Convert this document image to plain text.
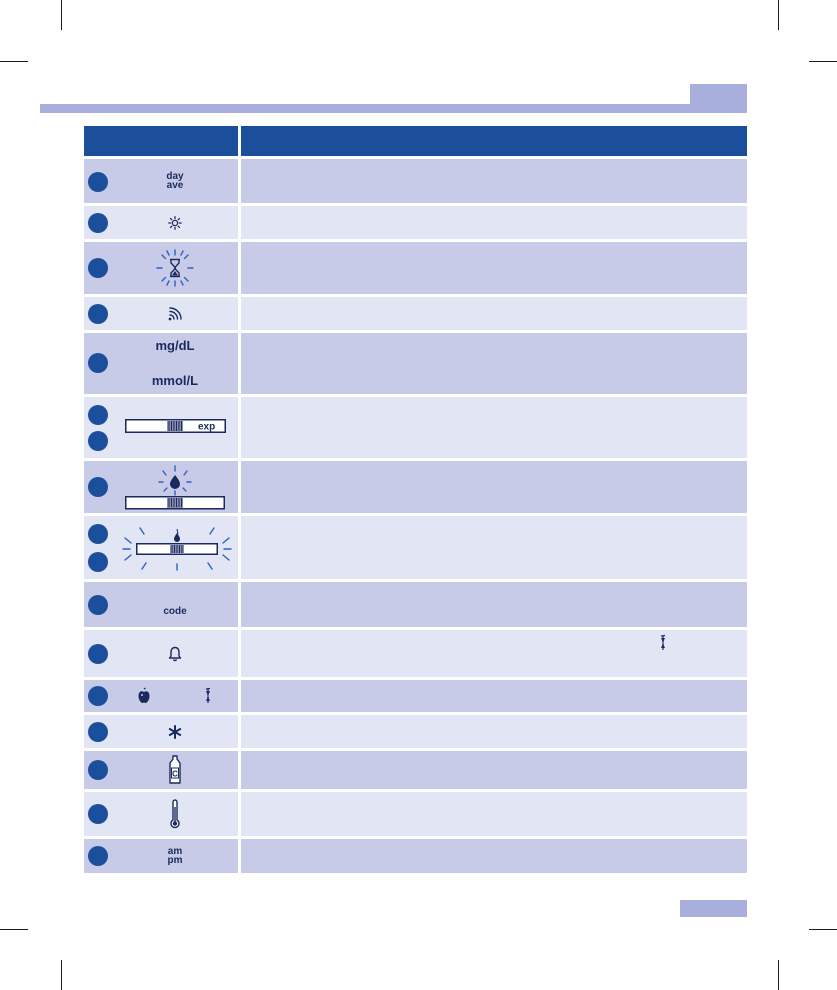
day
ave
mg/dL
mmol/L
exp
code
C
am
pm
